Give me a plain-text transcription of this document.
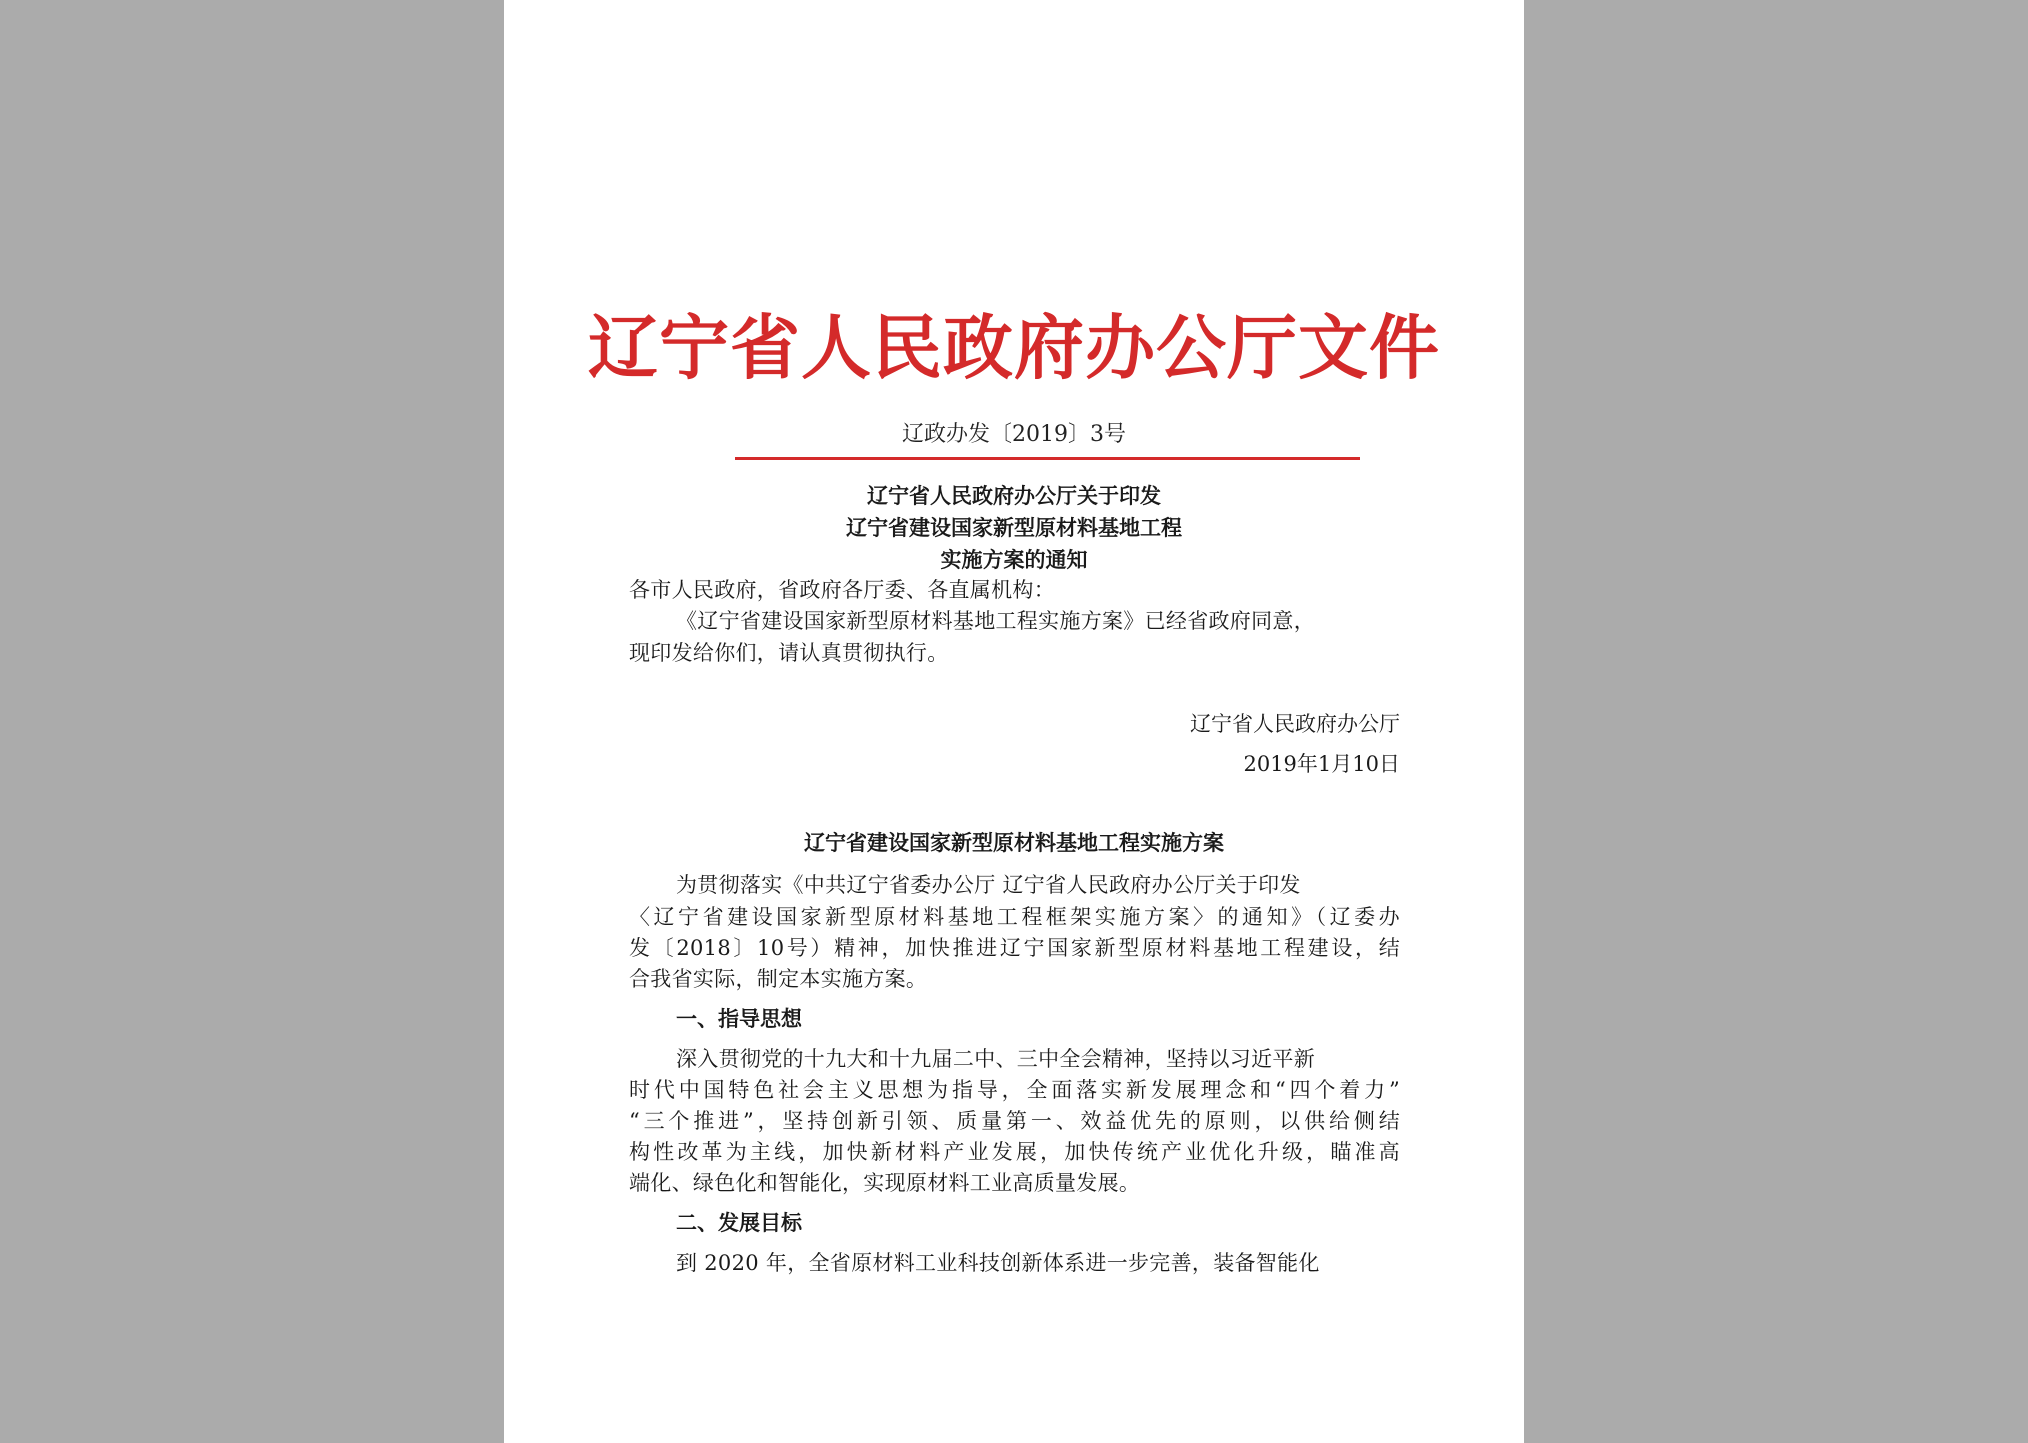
辽宁省人民政府办公厅文件
辽政办发〔2019〕3号
辽宁省人民政府办公厅关于印发
辽宁省建设国家新型原材料基地工程
实施方案的通知
各市人民政府，省政府各厅委、各直属机构：
《辽宁省建设国家新型原材料基地工程实施方案》已经省政府同意，
现印发给你们，请认真贯彻执行。
辽宁省人民政府办公厅
2019年1月10日
辽宁省建设国家新型原材料基地工程实施方案
为贯彻落实《中共辽宁省委办公厅 辽宁省人民政府办公厅关于印发
〈辽宁省建设国家新型原材料基地工程框架实施方案〉的通知》（辽委办
发〔2018〕10号）精神，加快推进辽宁国家新型原材料基地工程建设，结
合我省实际，制定本实施方案。
一、指导思想
深入贯彻党的十九大和十九届二中、三中全会精神，坚持以习近平新
时代中国特色社会主义思想为指导，全面落实新发展理念和“四个着力”
“三个推进”，坚持创新引领、质量第一、效益优先的原则，以供给侧结
构性改革为主线，加快新材料产业发展，加快传统产业优化升级，瞄准高
端化、绿色化和智能化，实现原材料工业高质量发展。
二、发展目标
到 2020 年，全省原材料工业科技创新体系进一步完善，装备智能化
